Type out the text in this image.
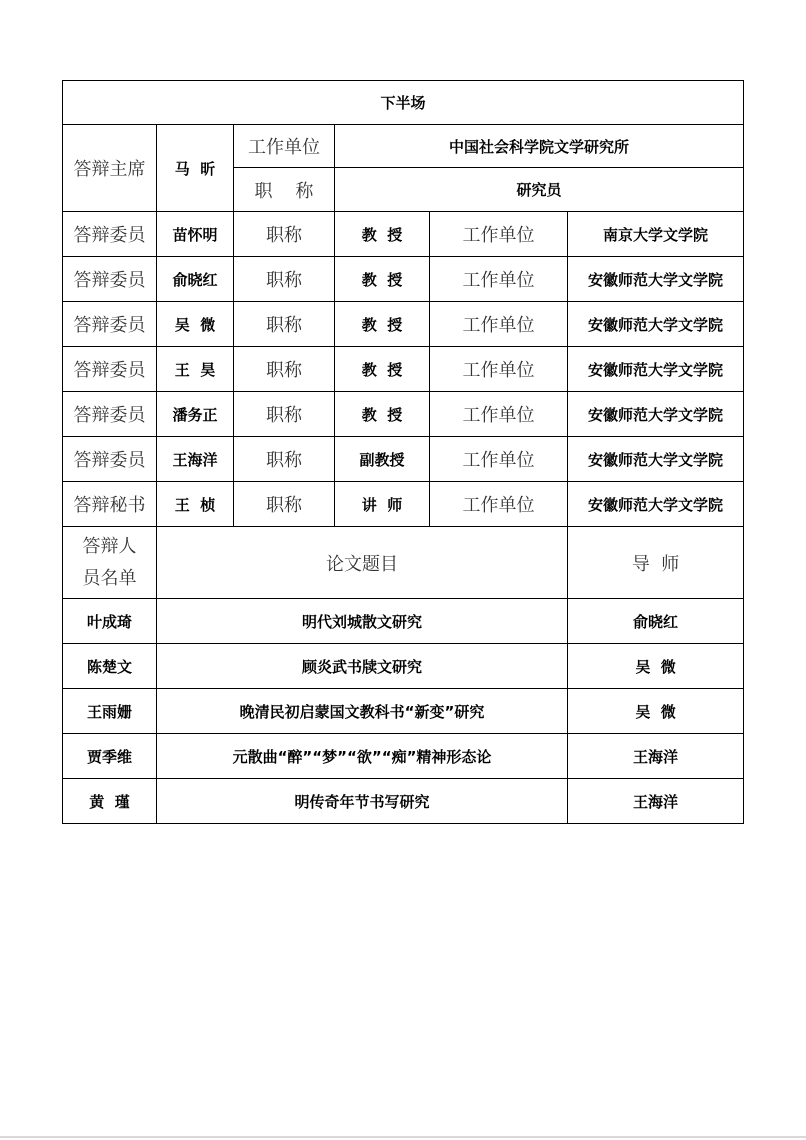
下半场					
答辩主席	马  昕	工作单位	中国社会科学院文学研究所		
		职    称	研究员		
答辩委员	苗怀明	职称	教  授	工作单位	南京大学文学院
答辩委员	俞晓红	职称	教  授	工作单位	安徽师范大学文学院
答辩委员	吴  微	职称	教  授	工作单位	安徽师范大学文学院
答辩委员	王  昊	职称	教  授	工作单位	安徽师范大学文学院
答辩委员	潘务正	职称	教  授	工作单位	安徽师范大学文学院
答辩委员	王海洋	职称	副教授	工作单位	安徽师范大学文学院
答辩秘书	王  桢	职称	讲  师	工作单位	安徽师范大学文学院
答辩人员名单	论文题目				导  师
叶成琦	明代刘城散文研究				俞晓红
陈楚文	顾炎武书牍文研究				吴  微
王雨姗	晚清民初启蒙国文教科书“新变”研究				吴  微
贾季维	元散曲“醉”“梦”“欲”“痴”精神形态论				王海洋
黄  瑾	明传奇年节书写研究				王海洋
